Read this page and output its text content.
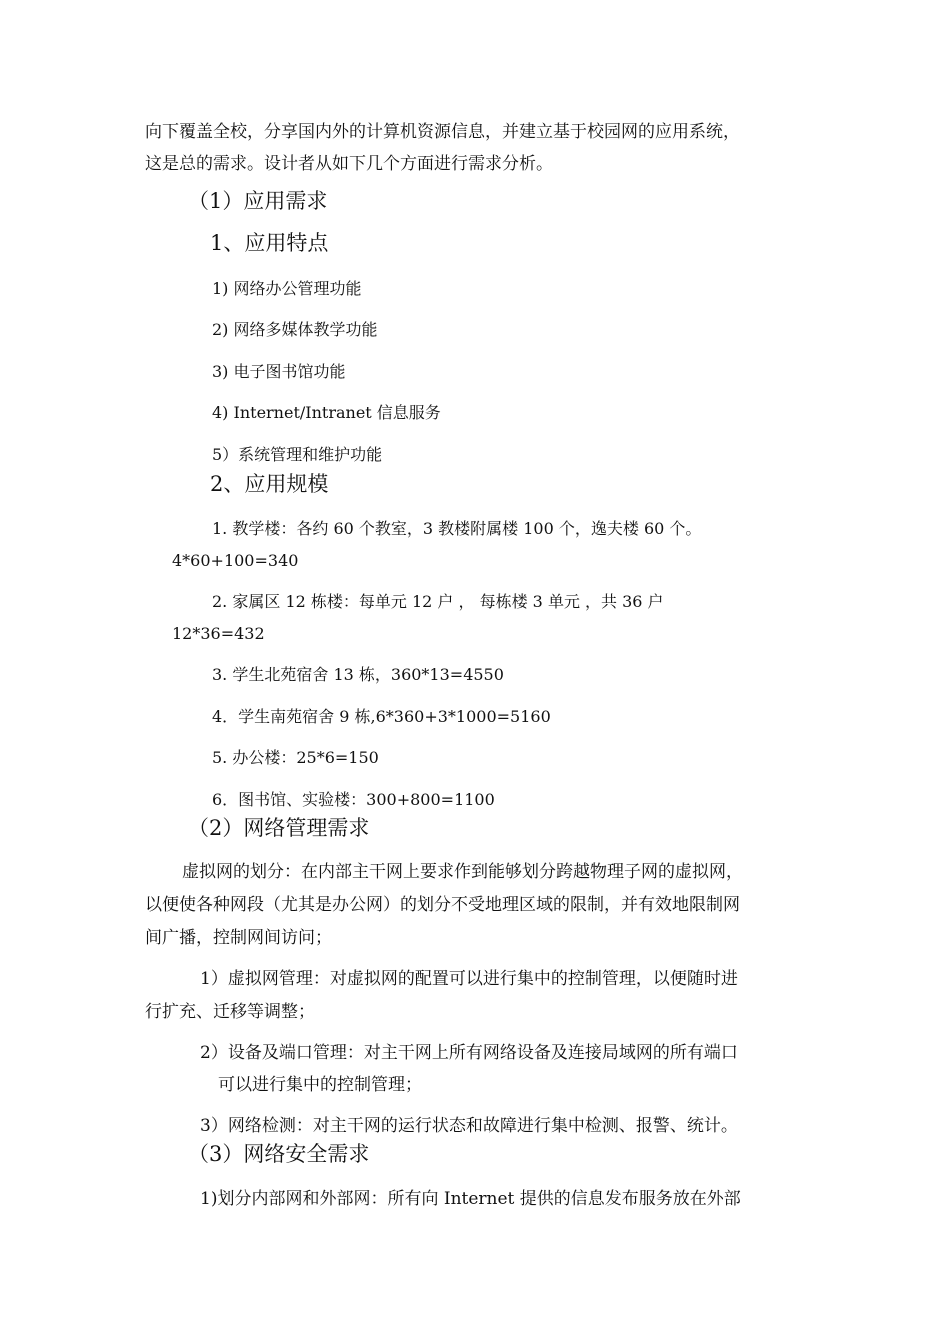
向下覆盖全校，分享国内外的计算机资源信息，并建立基于校园网的应用系统，
这是总的需求。设计者从如下几个方面进行需求分析。
（1）应用需求
1、应用特点
1) 网络办公管理功能
2) 网络多媒体教学功能
3) 电子图书馆功能
4) Internet/Intranet 信息服务
5）系统管理和维护功能
2、应用规模
1. 教学楼：各约 60 个教室，3 教楼附属楼 100 个，逸夫楼 60 个。
4*60+100=340
2. 家属区 12 栋楼：每单元 12 户 ， 每栋楼 3 单元 ，共 36 户
12*36=432
3. 学生北苑宿舍 13 栋，360*13=4550
4．学生南苑宿舍 9 栋,6*360+3*1000=5160
5. 办公楼：25*6=150
6．图书馆、实验楼：300+800=1100
（2）网络管理需求
虚拟网的划分：在内部主干网上要求作到能够划分跨越物理子网的虚拟网，
以便使各种网段（尤其是办公网）的划分不受地理区域的限制，并有效地限制网
间广播，控制网间访问；
1）虚拟网管理：对虚拟网的配置可以进行集中的控制管理，以便随时进
行扩充、迁移等调整；
2）设备及端口管理：对主干网上所有网络设备及连接局域网的所有端口
可以进行集中的控制管理；
3）网络检测：对主干网的运行状态和故障进行集中检测、报警、统计。
（3）网络安全需求
1)划分内部网和外部网：所有向 Internet 提供的信息发布服务放在外部
